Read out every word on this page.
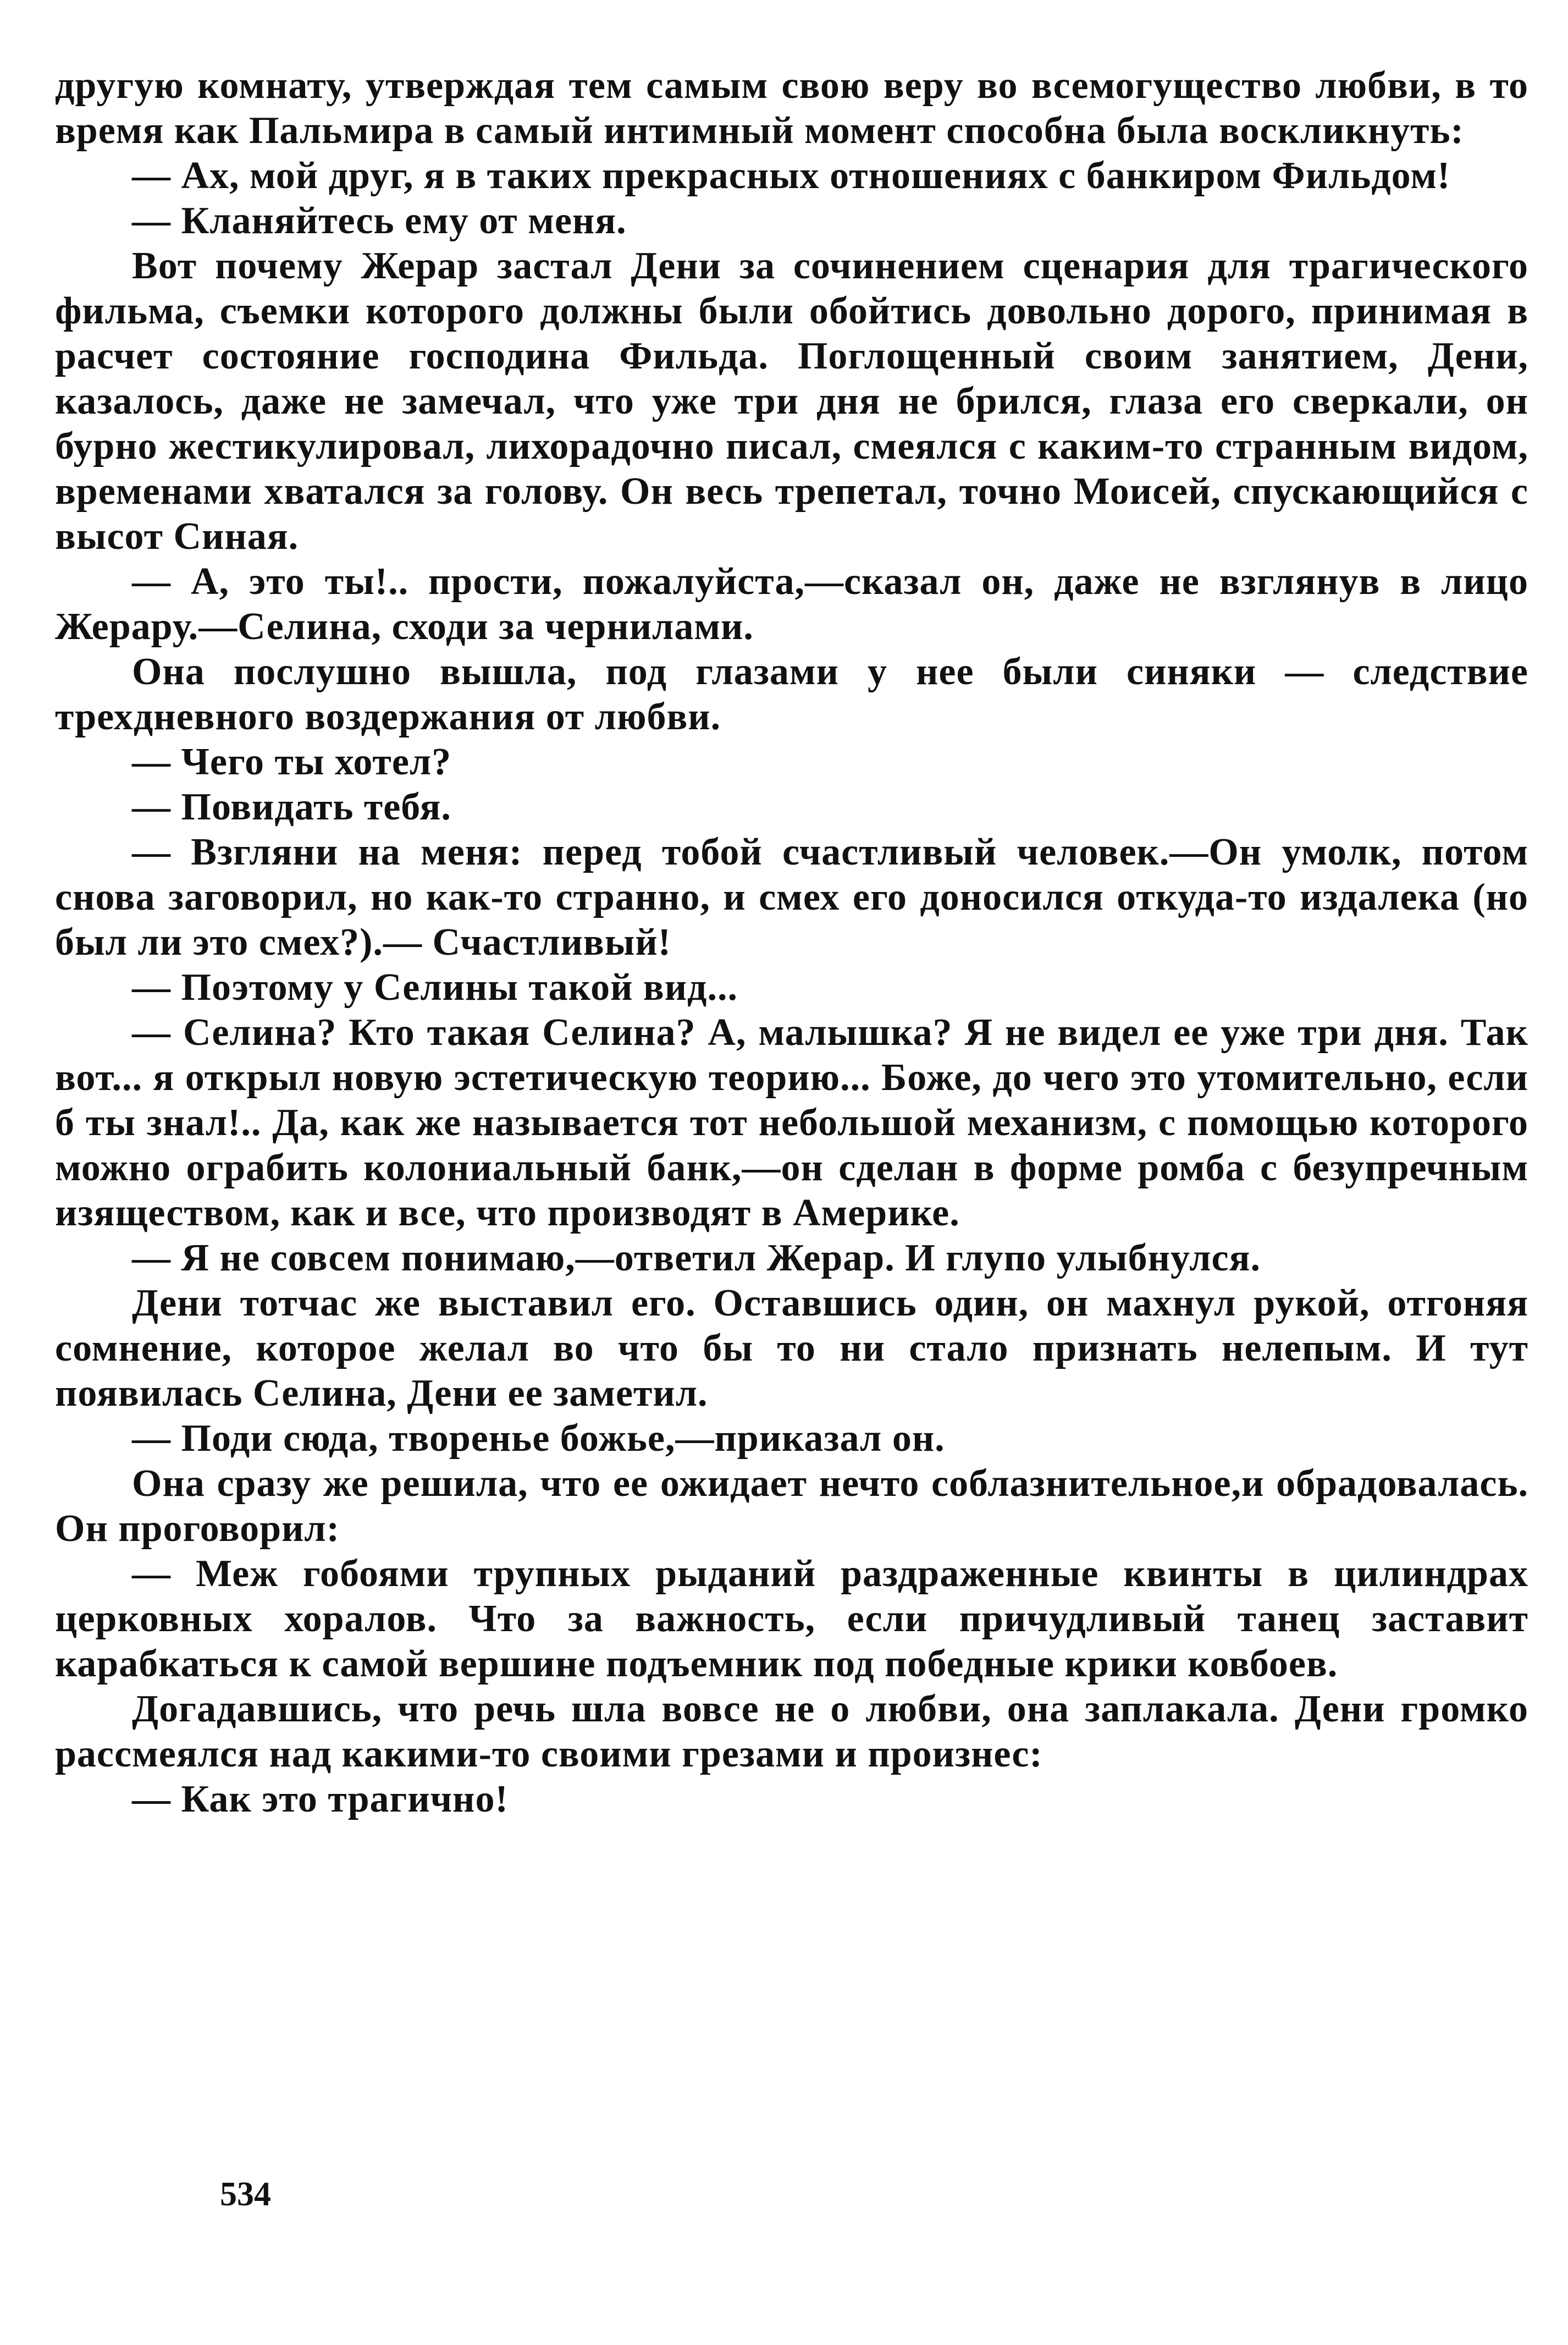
другую комнату, утверждая тем самым свою веру во всемогущество любви, в то время как Пальмира в самый интимный момент способна была воскликнуть:

— Ах, мой друг, я в таких прекрасных отношениях с банкиром Фильдом!

— Кланяйтесь ему от меня.

Вот почему Жерар застал Дени за сочинением сценария для трагического фильма, съемки которого должны были обойтись довольно дорого, принимая в расчет состояние господина Фильда. Поглощенный своим занятием, Дени, казалось, даже не замечал, что уже три дня не брился, глаза его сверкали, он бурно жестикулировал, лихорадочно писал, смеялся с каким-то странным видом, временами хватался за голову. Он весь трепетал, точно Моисей, спускающийся с высот Синая.

— А, это ты!.. прости, пожалуйста,—сказал он, даже не взглянув в лицо Жерару.—Селина, сходи за чернилами.

Она послушно вышла, под глазами у нее были синяки — следствие трехдневного воздержания от любви.

— Чего ты хотел?

— Повидать тебя.

— Взгляни на меня: перед тобой счастливый человек.—Он умолк, потом снова заговорил, но как-то странно, и смех его доносился откуда-то издалека (но был ли это смех?).— Счастливый!

— Поэтому у Селины такой вид...

— Селина? Кто такая Селина? А, малышка? Я не видел ее уже три дня. Так вот... я открыл новую эстетическую теорию... Боже, до чего это утомительно, если б ты знал!.. Да, как же называется тот небольшой механизм, с помощью которого можно ограбить колониальный банк,—он сделан в форме ромба с безупречным изяществом, как и все, что производят в Америке.

— Я не совсем понимаю,—ответил Жерар. И глупо улыбнулся.

Дени тотчас же выставил его. Оставшись один, он махнул рукой, отгоняя сомнение, которое желал во что бы то ни стало признать нелепым. И тут появилась Селина, Дени ее заметил.

— Поди сюда, творенье божье,—приказал он.

Она сразу же решила, что ее ожидает нечто соблазнительное,и обрадовалась. Он проговорил:

— Меж гобоями трупных рыданий раздраженные квинты в цилиндрах церковных хоралов. Что за важность, если причудливый танец заставит карабкаться к самой вершине подъемник под победные крики ковбоев.

Догадавшись, что речь шла вовсе не о любви, она заплакала. Дени громко рассмеялся над какими-то своими грезами и произнес:

— Как это трагично!

534
